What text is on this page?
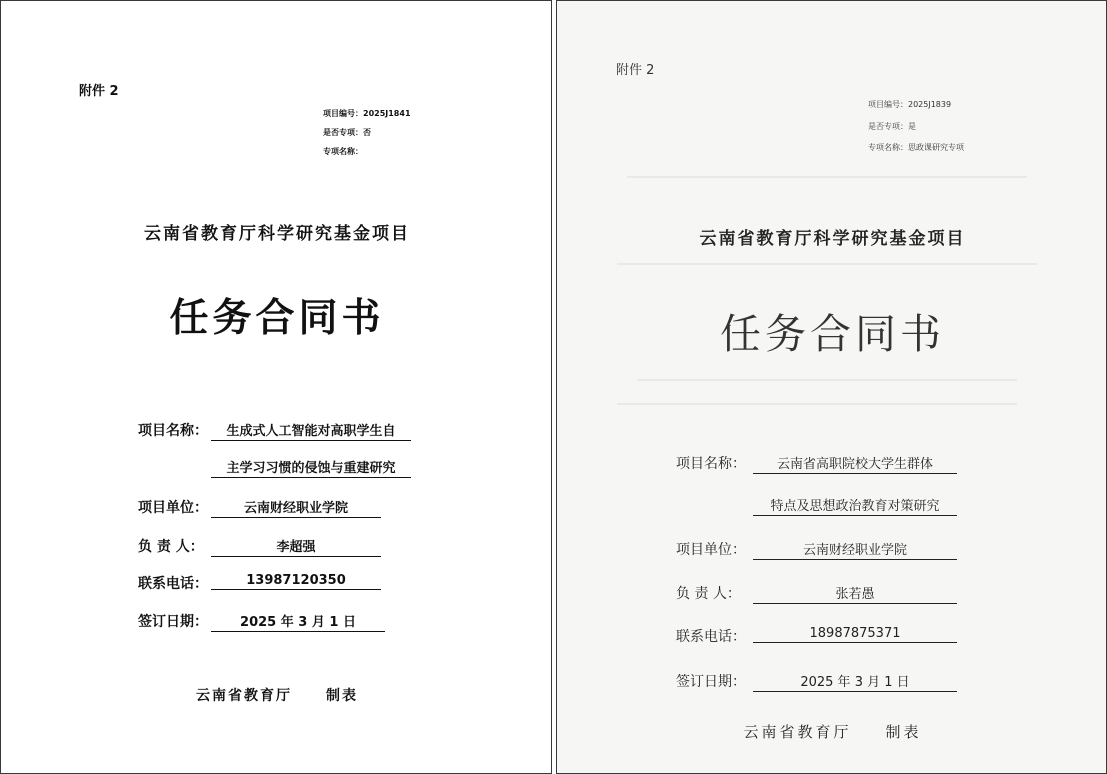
附件 2
项目编号：2025J1841
是否专项：否
专项名称：
云南省教育厅科学研究基金项目
任务合同书
项目名称：	生成式人工智能对高职学生自
主学习习惯的侵蚀与重建研究
项目单位：	云南财经职业学院
负 责 人：	李超强
联系电话：	13987120350
签订日期：	2025 年 3 月 1 日
云南省教育厅 制表
附件 2
项目编号：2025J1839
是否专项：是
专项名称：思政课研究专项
云南省教育厅科学研究基金项目
任务合同书
项目名称：	云南省高职院校大学生群体
特点及思想政治教育对策研究
项目单位：	云南财经职业学院
负 责 人：	张若愚
联系电话：	18987875371
签订日期：	2025 年 3 月 1 日
云南省教育厅 制表
